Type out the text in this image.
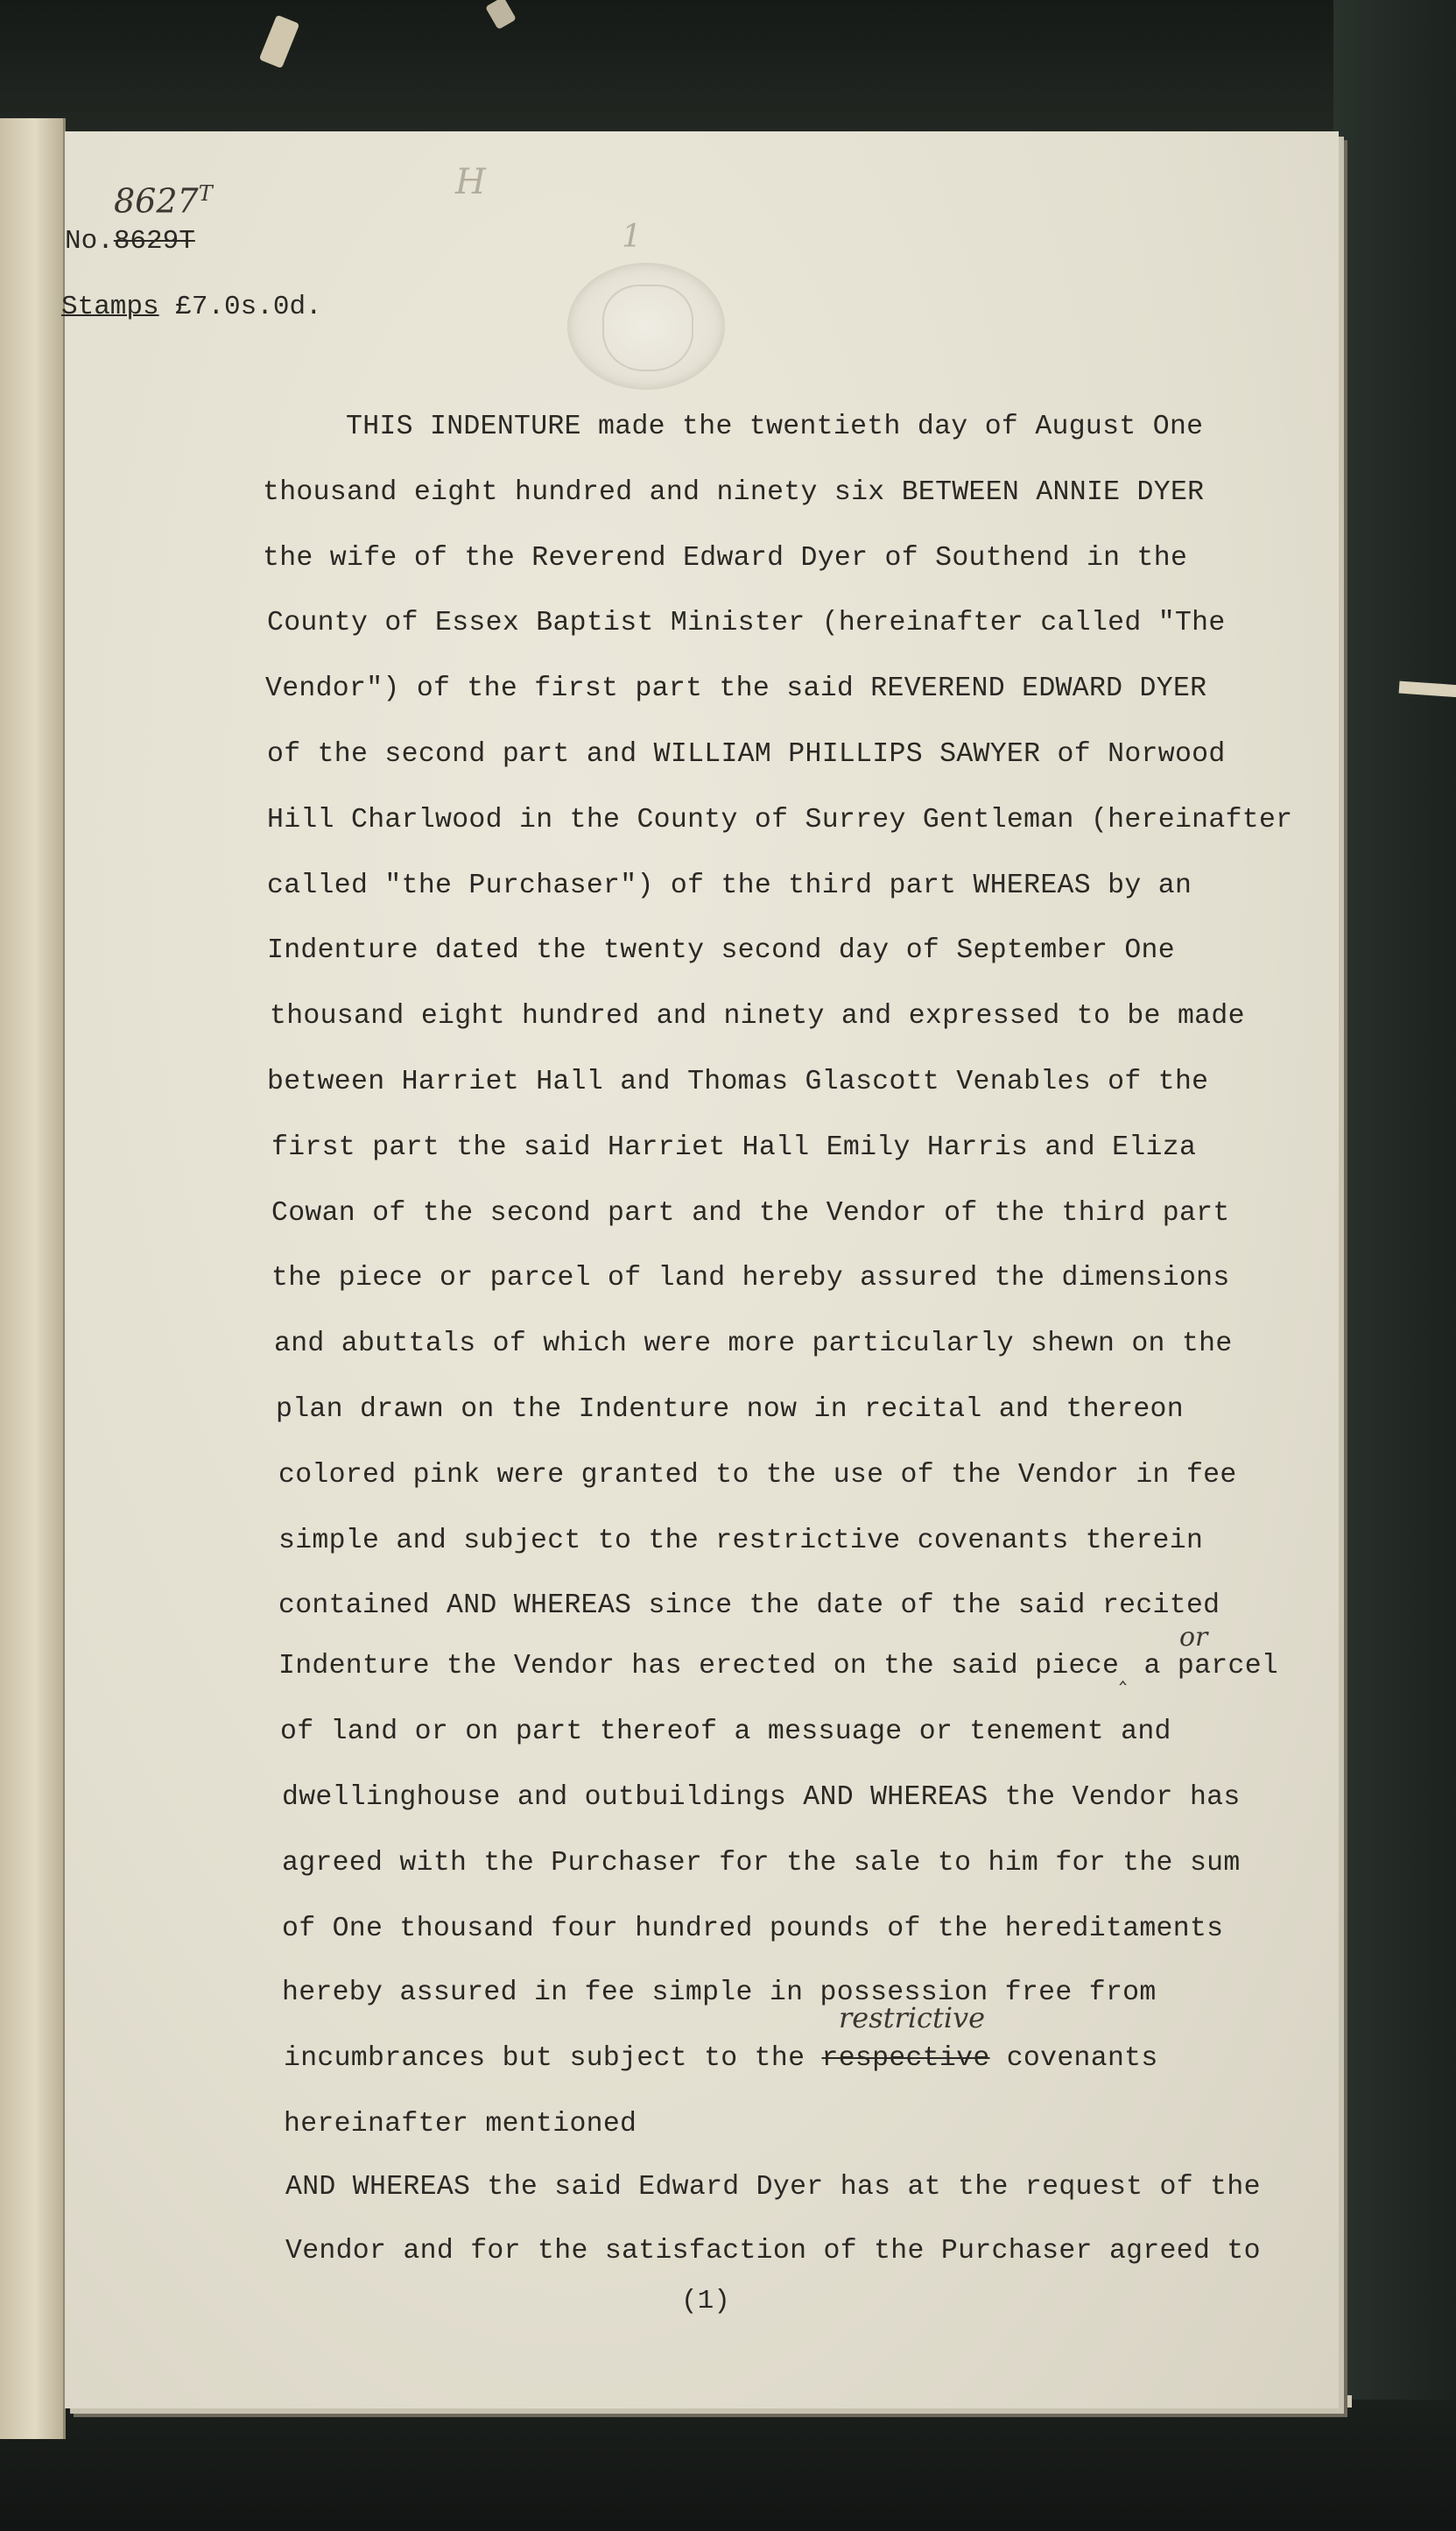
$8627^T$
No.8629T
H
1
Stamps £7.0s.0d.
THIS INDENTURE made the twentieth day of August One
thousand eight hundred and ninety six BETWEEN ANNIE DYER
the wife of the Reverend Edward Dyer of Southend in the
County of Essex Baptist Minister (hereinafter called "The
Vendor") of the first part the said REVEREND EDWARD DYER
of the second part and WILLIAM PHILLIPS SAWYER of Norwood
Hill Charlwood in the County of Surrey Gentleman (hereinafter
called "the Purchaser") of the third part WHEREAS by an
Indenture dated the twenty second day of September One
thousand eight hundred and ninety and expressed to be made
between Harriet Hall and Thomas Glascott Venables of the
first part the said Harriet Hall Emily Harris and Eliza
Cowan of the second part and the Vendor of the third part
the piece or parcel of land hereby assured the dimensions
and abuttals of which were more particularly shewn on the
plan drawn on the Indenture now in recital and thereon
colored pink were granted to the use of the Vendor in fee
simple and subject to the restrictive covenants therein
contained AND WHEREAS since the date of the said recited
Indenture the Vendor has erected on the said piece$_‸$ a parcel
or
of land or on part thereof a messuage or tenement and
dwellinghouse and outbuildings AND WHEREAS the Vendor has
agreed with the Purchaser for the sale to him for the sum
of One thousand four hundred pounds of the hereditaments
hereby assured in fee simple in possession free from
restrictive
incumbrances but subject to the respective covenants
hereinafter mentioned
AND WHEREAS the said Edward Dyer has at the request of the
Vendor and for the satisfaction of the Purchaser agreed to
(1)
